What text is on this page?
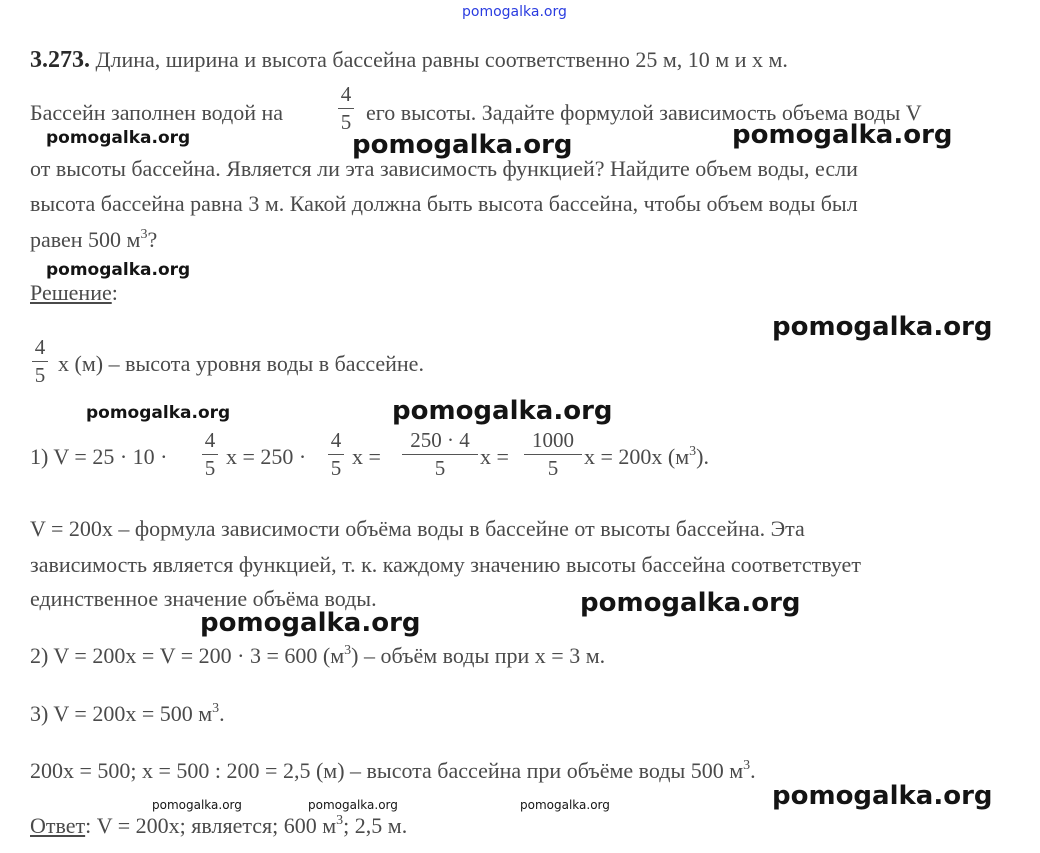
pomogalka.org
pomogalka.org	pomogalka.org	pomogalka.org
pomogalka.org
pomogalka.org
pomogalka.org	pomogalka.org
pomogalka.org
pomogalka.org
pomogalka.org
pomogalka.org	pomogalka.org	pomogalka.org
3.273. Длина, ширина и высота бассейна равны соответственно 25 м, 10 м и х м.
Бассейн заполнен водой на
4
5 его высоты. Задайте формулой зависимость объема воды V
от высоты бассейна. Является ли эта зависимость функцией? Найдите объем воды, если
высота бассейна равна 3 м. Какой должна быть высота бассейна, чтобы объем воды был
равен 500 $м^3$?
Решение:
4
5 х (м) – высота уровня воды в бассейне.
1) V = 25 · 10 ·
4
5 х = 250 ·
4
5 х =
250 · 4
5	х =
1000
5	х = 200х $(м^3)$.
V = 200х – формула зависимости объёма воды в бассейне от высоты бассейна. Эта
зависимость является функцией, т. к. каждому значению высоты бассейна соответствует
единственное значение объёма воды.
2) V = 200х = V = 200 · 3 = 600 $(м^3)$ – объём воды при х = 3 м.
3) V = 200х = 500 $м^3$.
200х = 500; х = 500 : 200 = 2,5 (м) – высота бассейна при объёме воды 500 $м^3$.
Ответ: V = 200х; является; 600 $м^3$; 2,5 м.
